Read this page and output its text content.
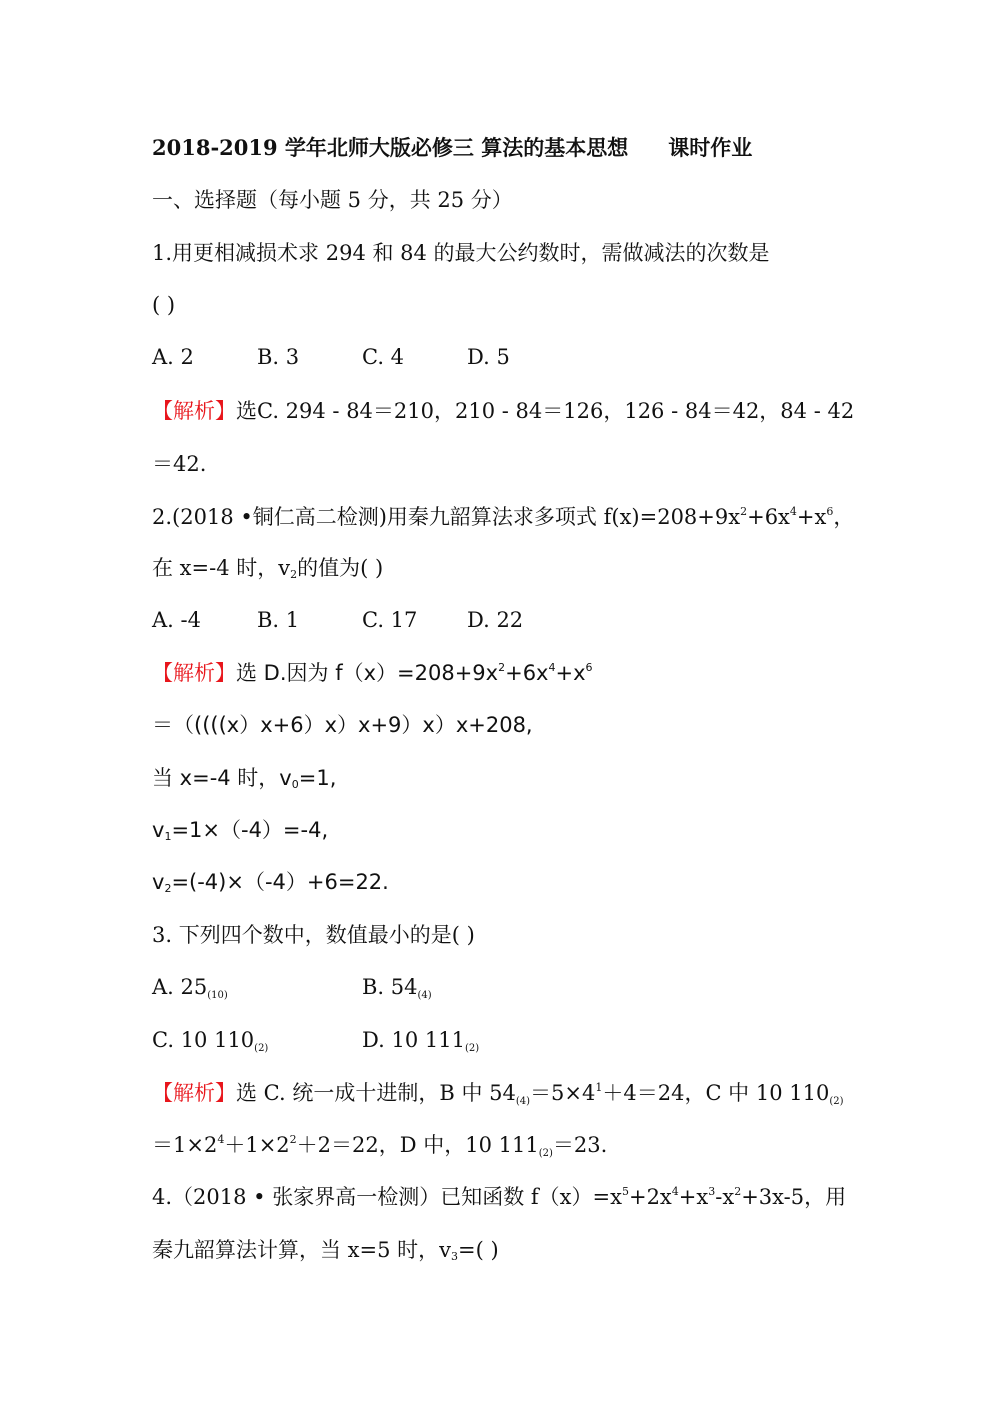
2018-2019 学年北师大版必修三 算法的基本思想 课时作业
一、选择题（每小题 5 分，共 25 分）
1.用更相减损术求 294 和 84 的最大公约数时，需做减法的次数是
( )
A. 2	B. 3	C. 4	D. 5
【解析】选C. 294 - 84＝210，210 - 84＝126，126 - 84＝42，84 - 42
＝42.
2.(2018 •铜仁高二检测)用秦九韶算法求多项式 $f(x)=208+9x^2+6x^4+x^6$，
在 x=-4 时，$v_2$的值为( )
A. -4	B. 1	C. 17 D. 22
【解析】选 D.因为 $f(x)=208+9x^2+6x^4+x^6$
＝（((((x）x+6）x）x+9）x）x+208,
当 x=-4 时，$v_0=1$,
$v_1=1\times(-4)=-4$,
$v_2=(-4)\times(-4)+6=22$.
3. 下列四个数中，数值最小的是( )
A. 25(10)	B. 54(4)
C. 10 110(2)	D. 10 111(2)
【解析】选 C. 统一成十进制，B 中 $54(4)=5\times 4^1+4=24$，C 中 10 110(2)
$=1\times 2^4+1\times 2^2+2=22$，D 中，10 111(2)＝23.
4.（2018 • 张家界高一检测）已知函数 $f(x)=x^5+2x^4+x^3-x^2+3x-5$，用
秦九韶算法计算，当 x=5 时，$v_3=$( )
